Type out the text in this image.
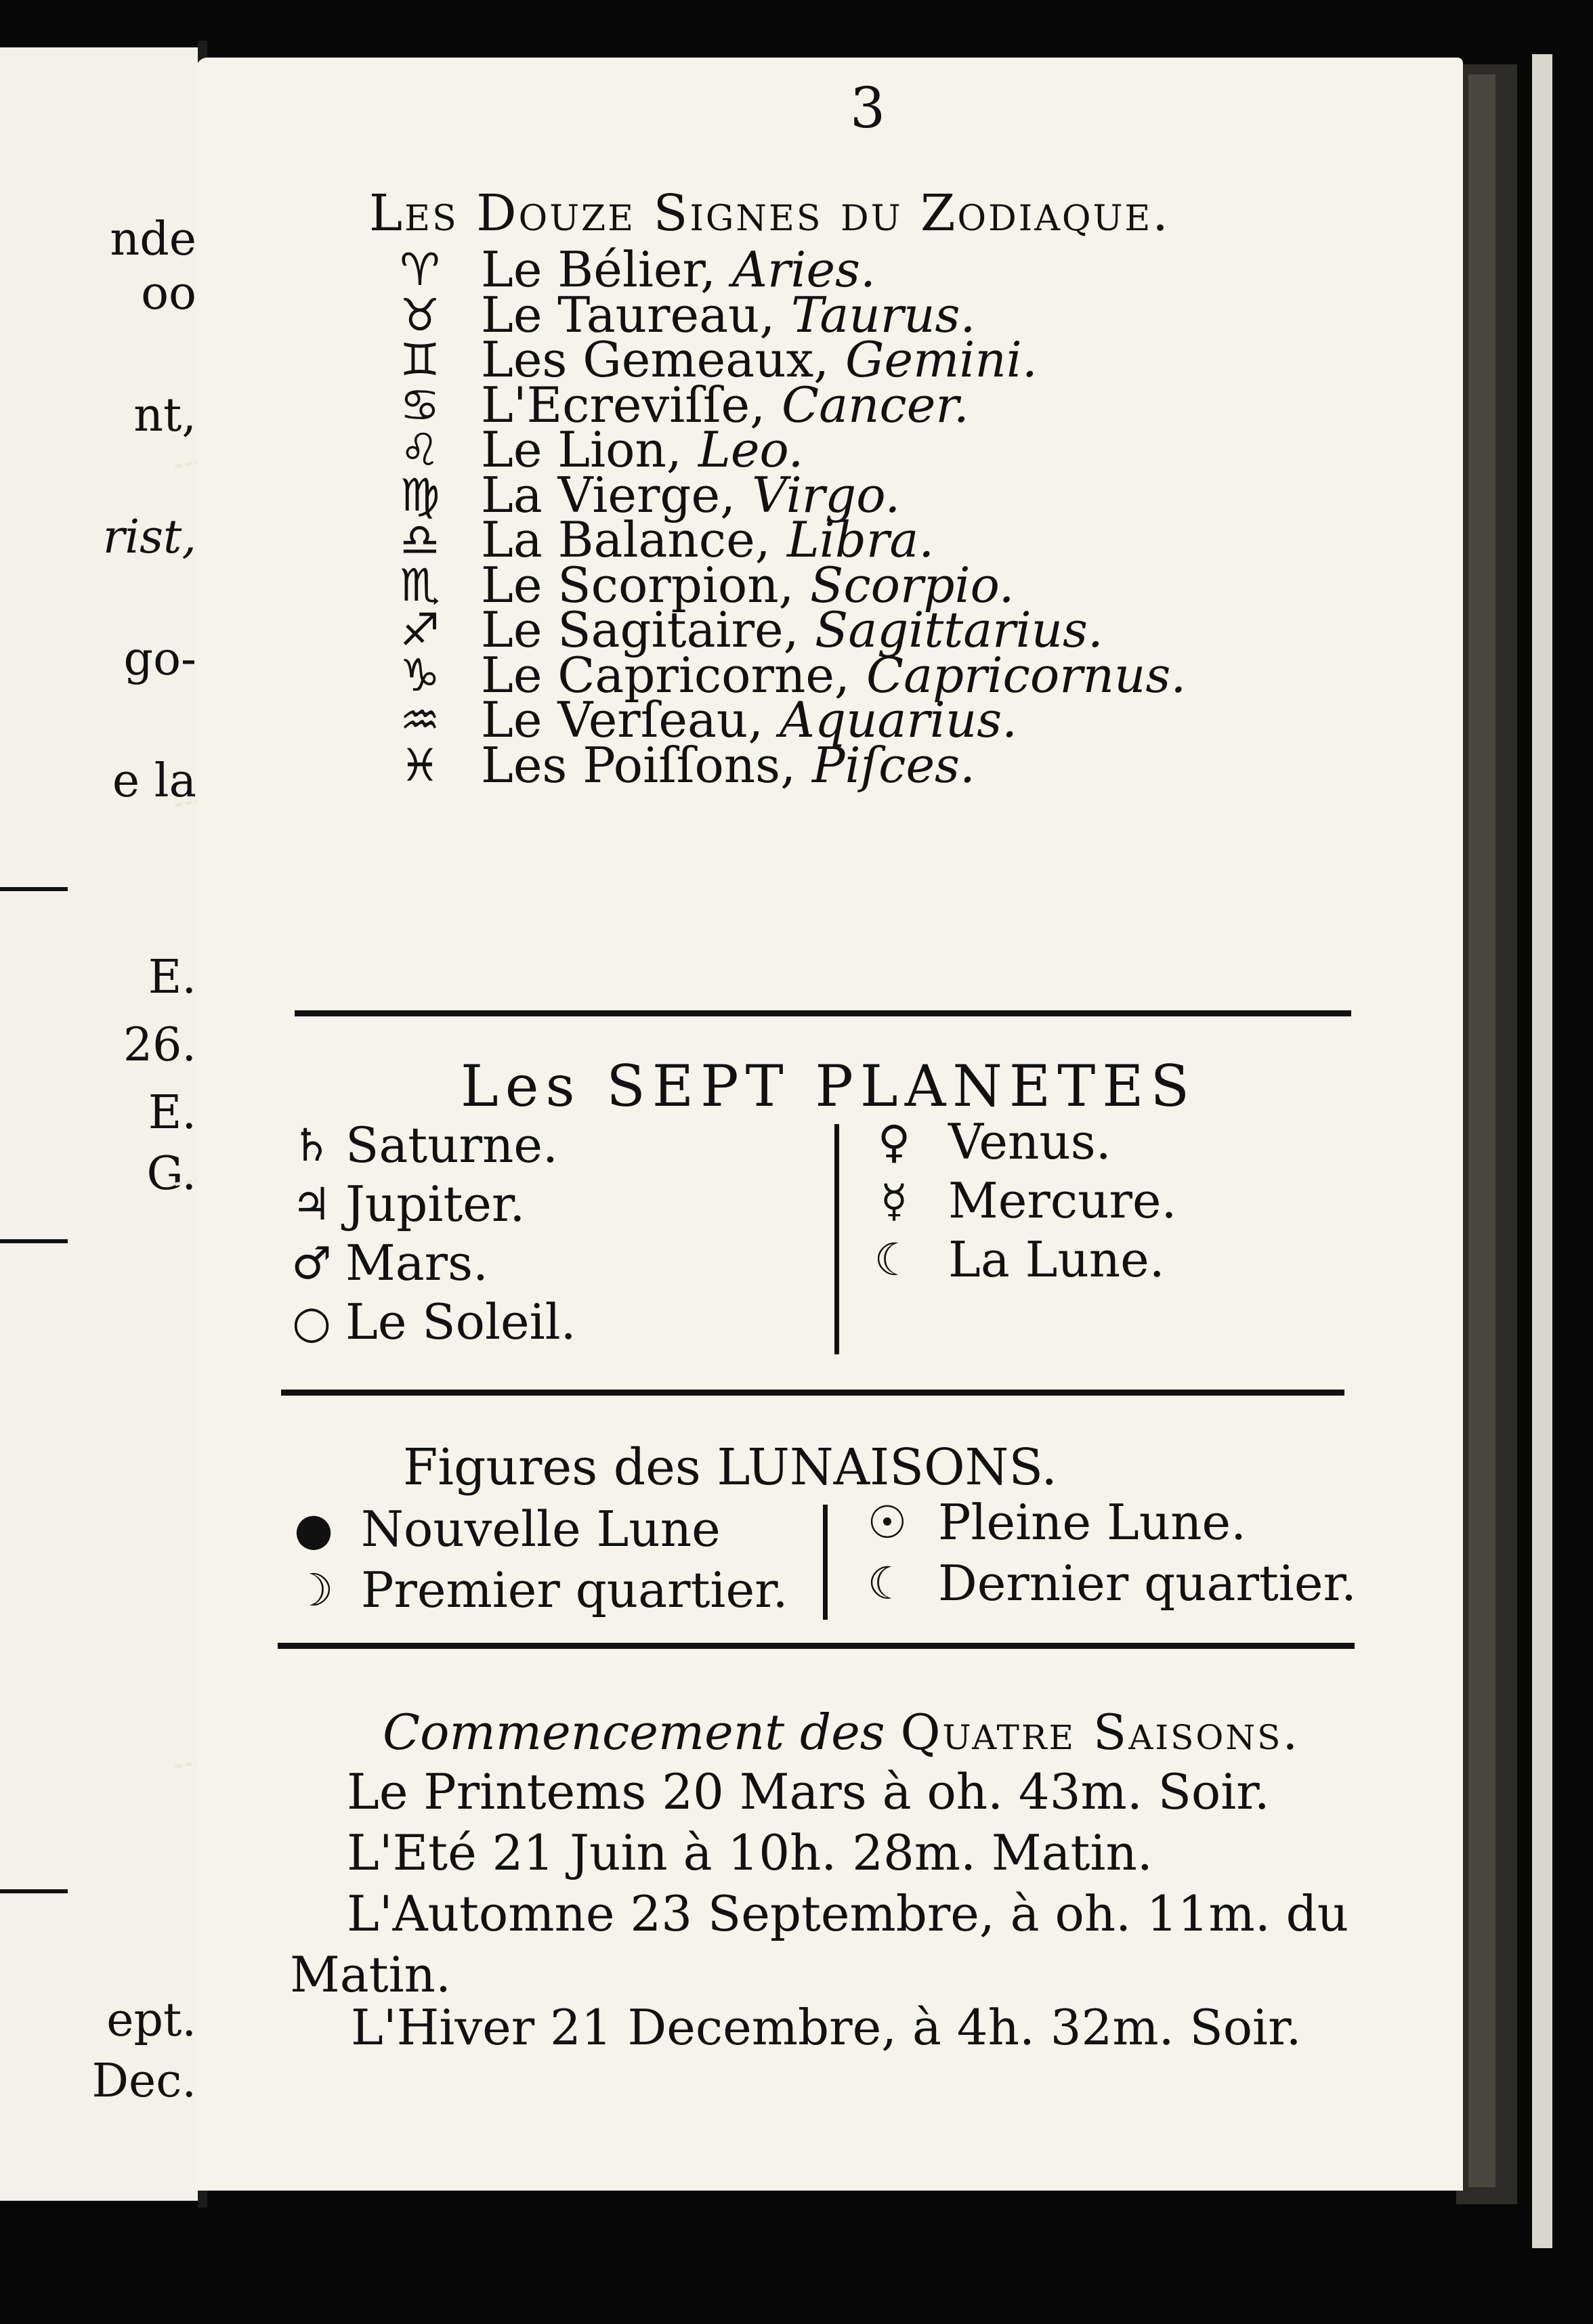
nde
oo
nt,
rist,
go-
e la
E.
26.
E.
G.
ept.
Dec.
3
Les Douze Signes du Zodiaque.
♈ Le Bélier, Aries.
♉ Le Taureau, Taurus.
♊ Les Gemeaux, Gemini.
♋ L'Ecreviſſe, Cancer.
♌ Le Lion, Leo.
♍ La Vierge, Virgo.
♎ La Balance, Libra.
♏ Le Scorpion, Scorpio.
♐ Le Sagitaire, Sagittarius.
♑ Le Capricorne, Capricornus.
♒ Le Verſeau, Aquarius.
♓ Les Poiſſons, Piſces.
Les SEPT PLANETES
♄ Saturne.
♃ Jupiter.
♂ Mars.
○ Le Soleil.
♀ Venus.
☿ Mercure.
☾ La Lune.
Figures des LUNAISONS.
● Nouvelle Lune
☽ Premier quartier.
☉ Pleine Lune.
☾ Dernier quartier.
Commencement des Quatre Saisons.
Le Printems 20 Mars à oh. 43m. Soir.
L'Eté 21 Juin à 10h. 28m. Matin.
L'Automne 23 Septembre, à oh. 11m. du
Matin.
L'Hiver 21 Decembre, à 4h. 32m. Soir.
